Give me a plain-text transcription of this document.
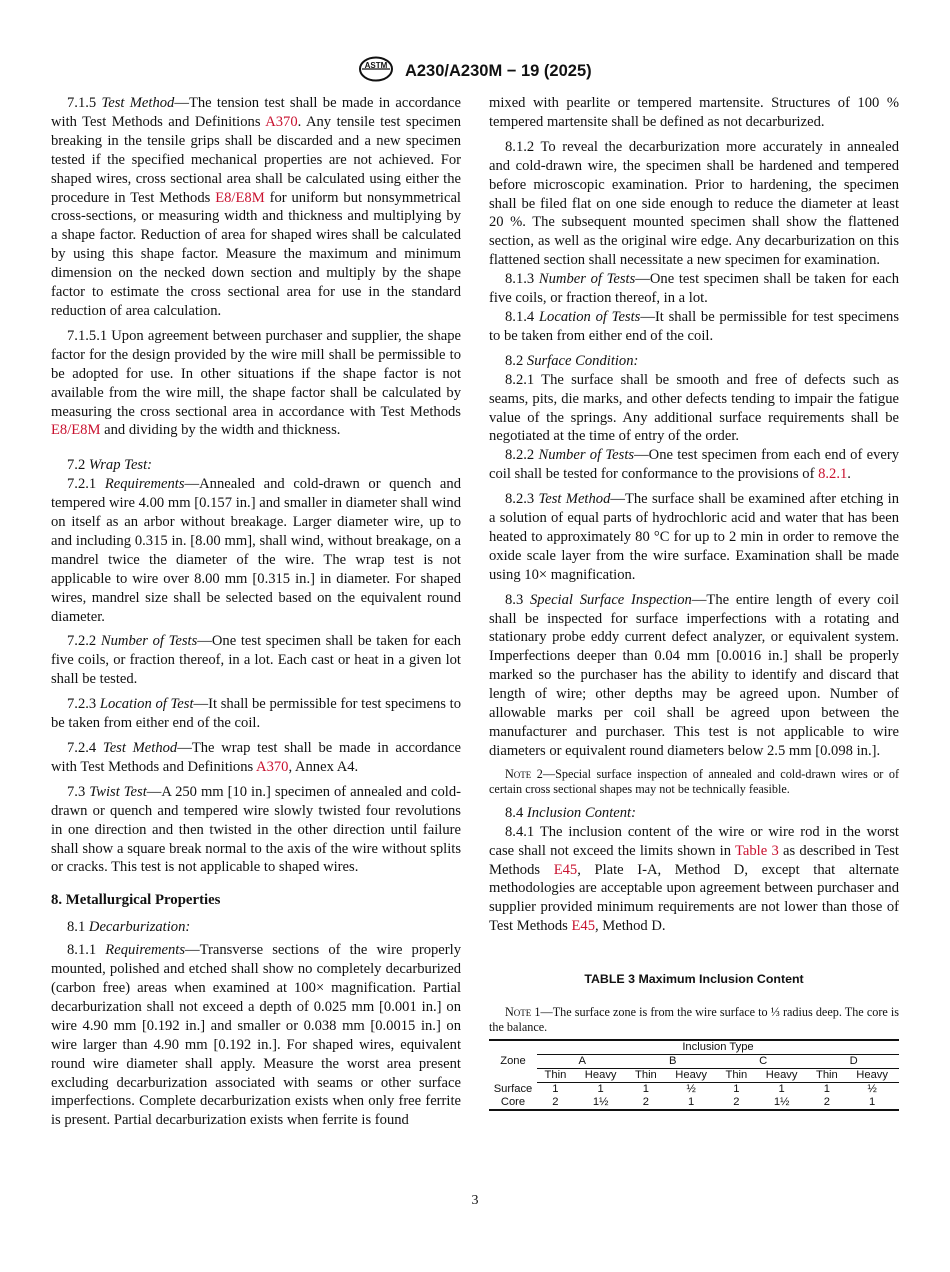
ASTM A230/A230M − 19 (2025)

7.1.5 Test Method—The tension test shall be made in accordance with Test Methods and Definitions A370. Any tensile test specimen breaking in the tensile grips shall be discarded and a new specimen tested if the specified mechanical properties are not achieved. For shaped wires, cross sectional area shall be calculated using either the procedure in Test Methods E8/E8M for uniform but nonsymmetrical cross-sections, or measuring width and thickness and multiplying by a shape factor. Reduction of area for shaped wires shall be calculated by using this shape factor. Measure the maximum and minimum dimension on the necked down section and multiply by the shape factor to estimate the cross sectional area for use in the standard reduction of area calculation.

7.1.5.1 Upon agreement between purchaser and supplier, the shape factor for the design provided by the wire mill shall be permissible to be adopted for use. In other situations if the shape factor is not available from the wire mill, the shape factor shall be calculated by measuring the cross sectional area in accordance with Test Methods E8/E8M and dividing by the width and thickness.

7.2 Wrap Test:

7.2.1 Requirements—Annealed and cold-drawn or quench and tempered wire 4.00 mm [0.157 in.] and smaller in diameter shall wind on itself as an arbor without breakage. Larger diameter wire, up to and including 0.315 in. [8.00 mm], shall wind, without breakage, on a mandrel twice the diameter of the wire. The wrap test is not applicable to wire over 8.00 mm [0.315 in.] in diameter. For shaped wires, mandrel size shall be selected based on the equivalent round diameter.

7.2.2 Number of Tests—One test specimen shall be taken for each five coils, or fraction thereof, in a lot. Each cast or heat in a given lot shall be tested.

7.2.3 Location of Test—It shall be permissible for test specimens to be taken from either end of the coil.

7.2.4 Test Method—The wrap test shall be made in accordance with Test Methods and Definitions A370, Annex A4.

7.3 Twist Test—A 250 mm [10 in.] specimen of annealed and cold-drawn or quench and tempered wire slowly twisted four revolutions in one direction and then twisted in the other direction until failure shall show a square break normal to the axis of the wire without splits or cracks. This test is not applicable to shaped wires.

8. Metallurgical Properties

8.1 Decarburization:

8.1.1 Requirements—Transverse sections of the wire properly mounted, polished and etched shall show no completely decarburized (carbon free) areas when examined at 100× magnification. Partial decarburization shall not exceed a depth of 0.025 mm [0.001 in.] on wire 4.90 mm [0.192 in.] and smaller or 0.038 mm [0.0015 in.] on wire larger than 4.90 mm [0.192 in.]. For shaped wires, equivalent round wire diameter shall apply. Measure the worst area present excluding decarburization associated with seams or other surface imperfections. Complete decarburization exists when only free ferrite is present. Partial decarburization exists when ferrite is found

mixed with pearlite or tempered martensite. Structures of 100 % tempered martensite shall be defined as not decarburized.

8.1.2 To reveal the decarburization more accurately in annealed and cold-drawn wire, the specimen shall be hardened and tempered before microscopic examination. Prior to hardening, the specimen shall be filed flat on one side enough to reduce the diameter at least 20 %. The subsequent mounted specimen shall show the flattened section, as well as the original wire edge. Any decarburization on this flattened section shall necessitate a new specimen for examination.

8.1.3 Number of Tests—One test specimen shall be taken for each five coils, or fraction thereof, in a lot.

8.1.4 Location of Tests—It shall be permissible for test specimens to be taken from either end of the coil.

8.2 Surface Condition:

8.2.1 The surface shall be smooth and free of defects such as seams, pits, die marks, and other defects tending to impair the fatigue value of the springs. Any additional surface requirements shall be negotiated at the time of entry of the order.

8.2.2 Number of Tests—One test specimen from each end of every coil shall be tested for conformance to the provisions of 8.2.1.

8.2.3 Test Method—The surface shall be examined after etching in a solution of equal parts of hydrochloric acid and water that has been heated to approximately 80 °C for up to 2 min in order to remove the oxide scale layer from the wire surface. Examination shall be made using 10× magnification.

8.3 Special Surface Inspection—The entire length of every coil shall be inspected for surface imperfections with a rotating and stationary probe eddy current defect analyzer, or equivalent system. Imperfections deeper than 0.04 mm [0.0016 in.] shall be properly marked so the purchaser has the ability to identify and discard that length of wire; other depths may be agreed upon. Number of allowable marks per coil shall be agreed upon between the manufacturer and purchaser. This test is not applicable to wire diameters or equivalent round diameters below 2.5 mm [0.098 in.].

Note 2—Special surface inspection of annealed and cold-drawn wires or of certain cross sectional shapes may not be technically feasible.

8.4 Inclusion Content:

8.4.1 The inclusion content of the wire or wire rod in the worst case shall not exceed the limits shown in Table 3 as described in Test Methods E45, Plate I-A, Method D, except that alternate methodologies are acceptable upon agreement between purchaser and supplier provided minimum requirements are not lower than those of Test Methods E45, Method D.

TABLE 3 Maximum Inclusion Content
Note 1—The surface zone is from the wire surface to ⅓ radius deep. The core is the balance.
Zone	Inclusion Type							
	A		B		C		D	
	Thin	Heavy	Thin	Heavy	Thin	Heavy	Thin	Heavy
Surface	1	1	1	½	1	1	1	½
Core	2	1½	2	1	2	1½	2	1
3
